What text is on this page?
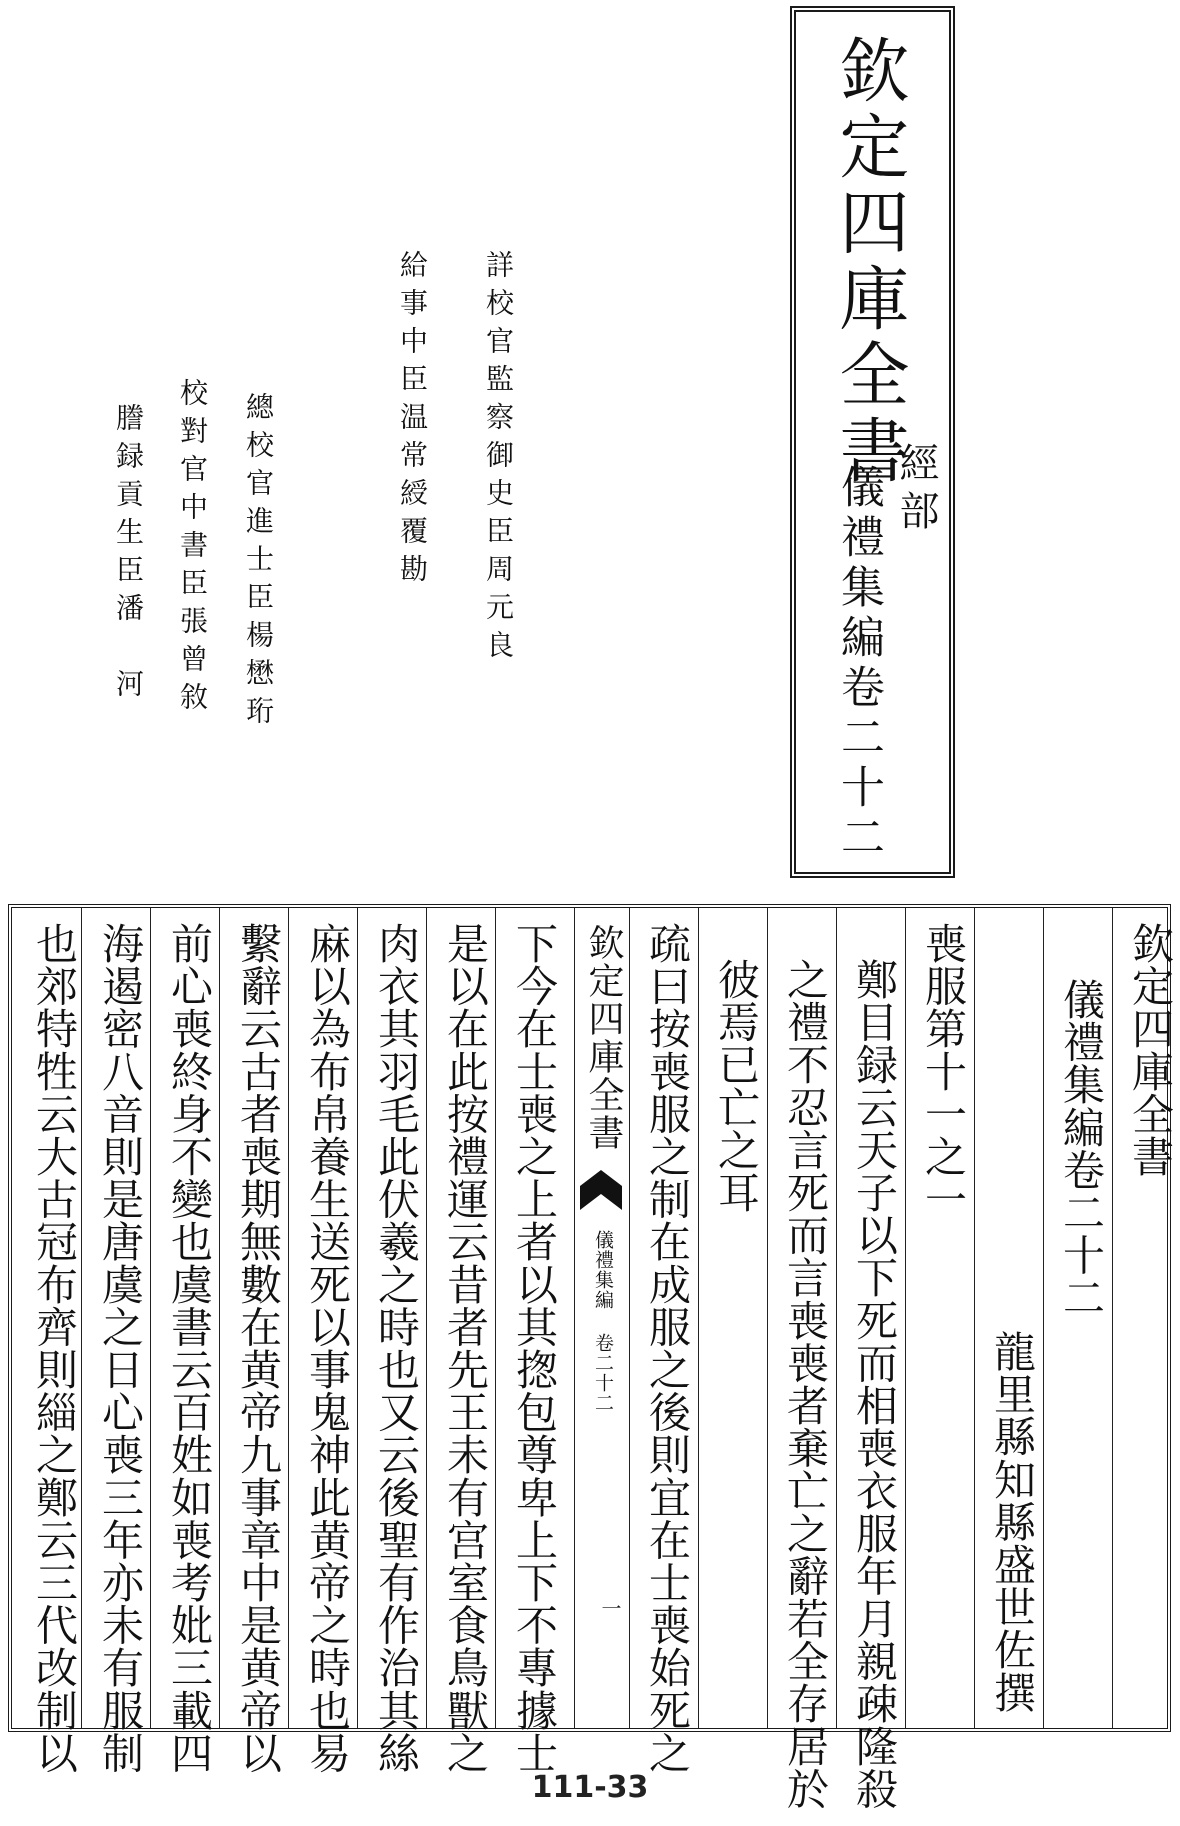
欽定四庫全書
經部
儀禮集編卷二十二
詳校官監察御史臣周元良
給事中臣温常綬覆勘
總校官進士臣楊懋珩
校對官中書臣張曾敘
謄録貢生臣潘　河
欽定四庫全書
儀禮集編 卷二十二
一
欽定四庫全書
儀禮集編卷二十二
龍里縣知縣盛世佐撰
喪服第十一之一
鄭目録云天子以下死而相喪衣服年月親疎隆殺
之禮不忍言死而言喪喪者棄亡之辭若全存居於
彼焉已亡之耳
疏曰按喪服之制在成服之後則宜在士喪始死之
下今在士喪之上者以其揔包尊卑上下不專據士
是以在此按禮運云昔者先王未有宫室食鳥獸之
肉衣其羽毛此伏羲之時也又云後聖有作治其絲
麻以為布帛養生送死以事鬼神此黄帝之時也易
繫辭云古者喪期無數在黄帝九事章中是黄帝以
前心喪終身不變也虞書云百姓如喪考妣三載四
海遏密八音則是唐虞之日心喪三年亦未有服制
也郊特牲云大古冠布齊則緇之鄭云三代改制以
111-33
